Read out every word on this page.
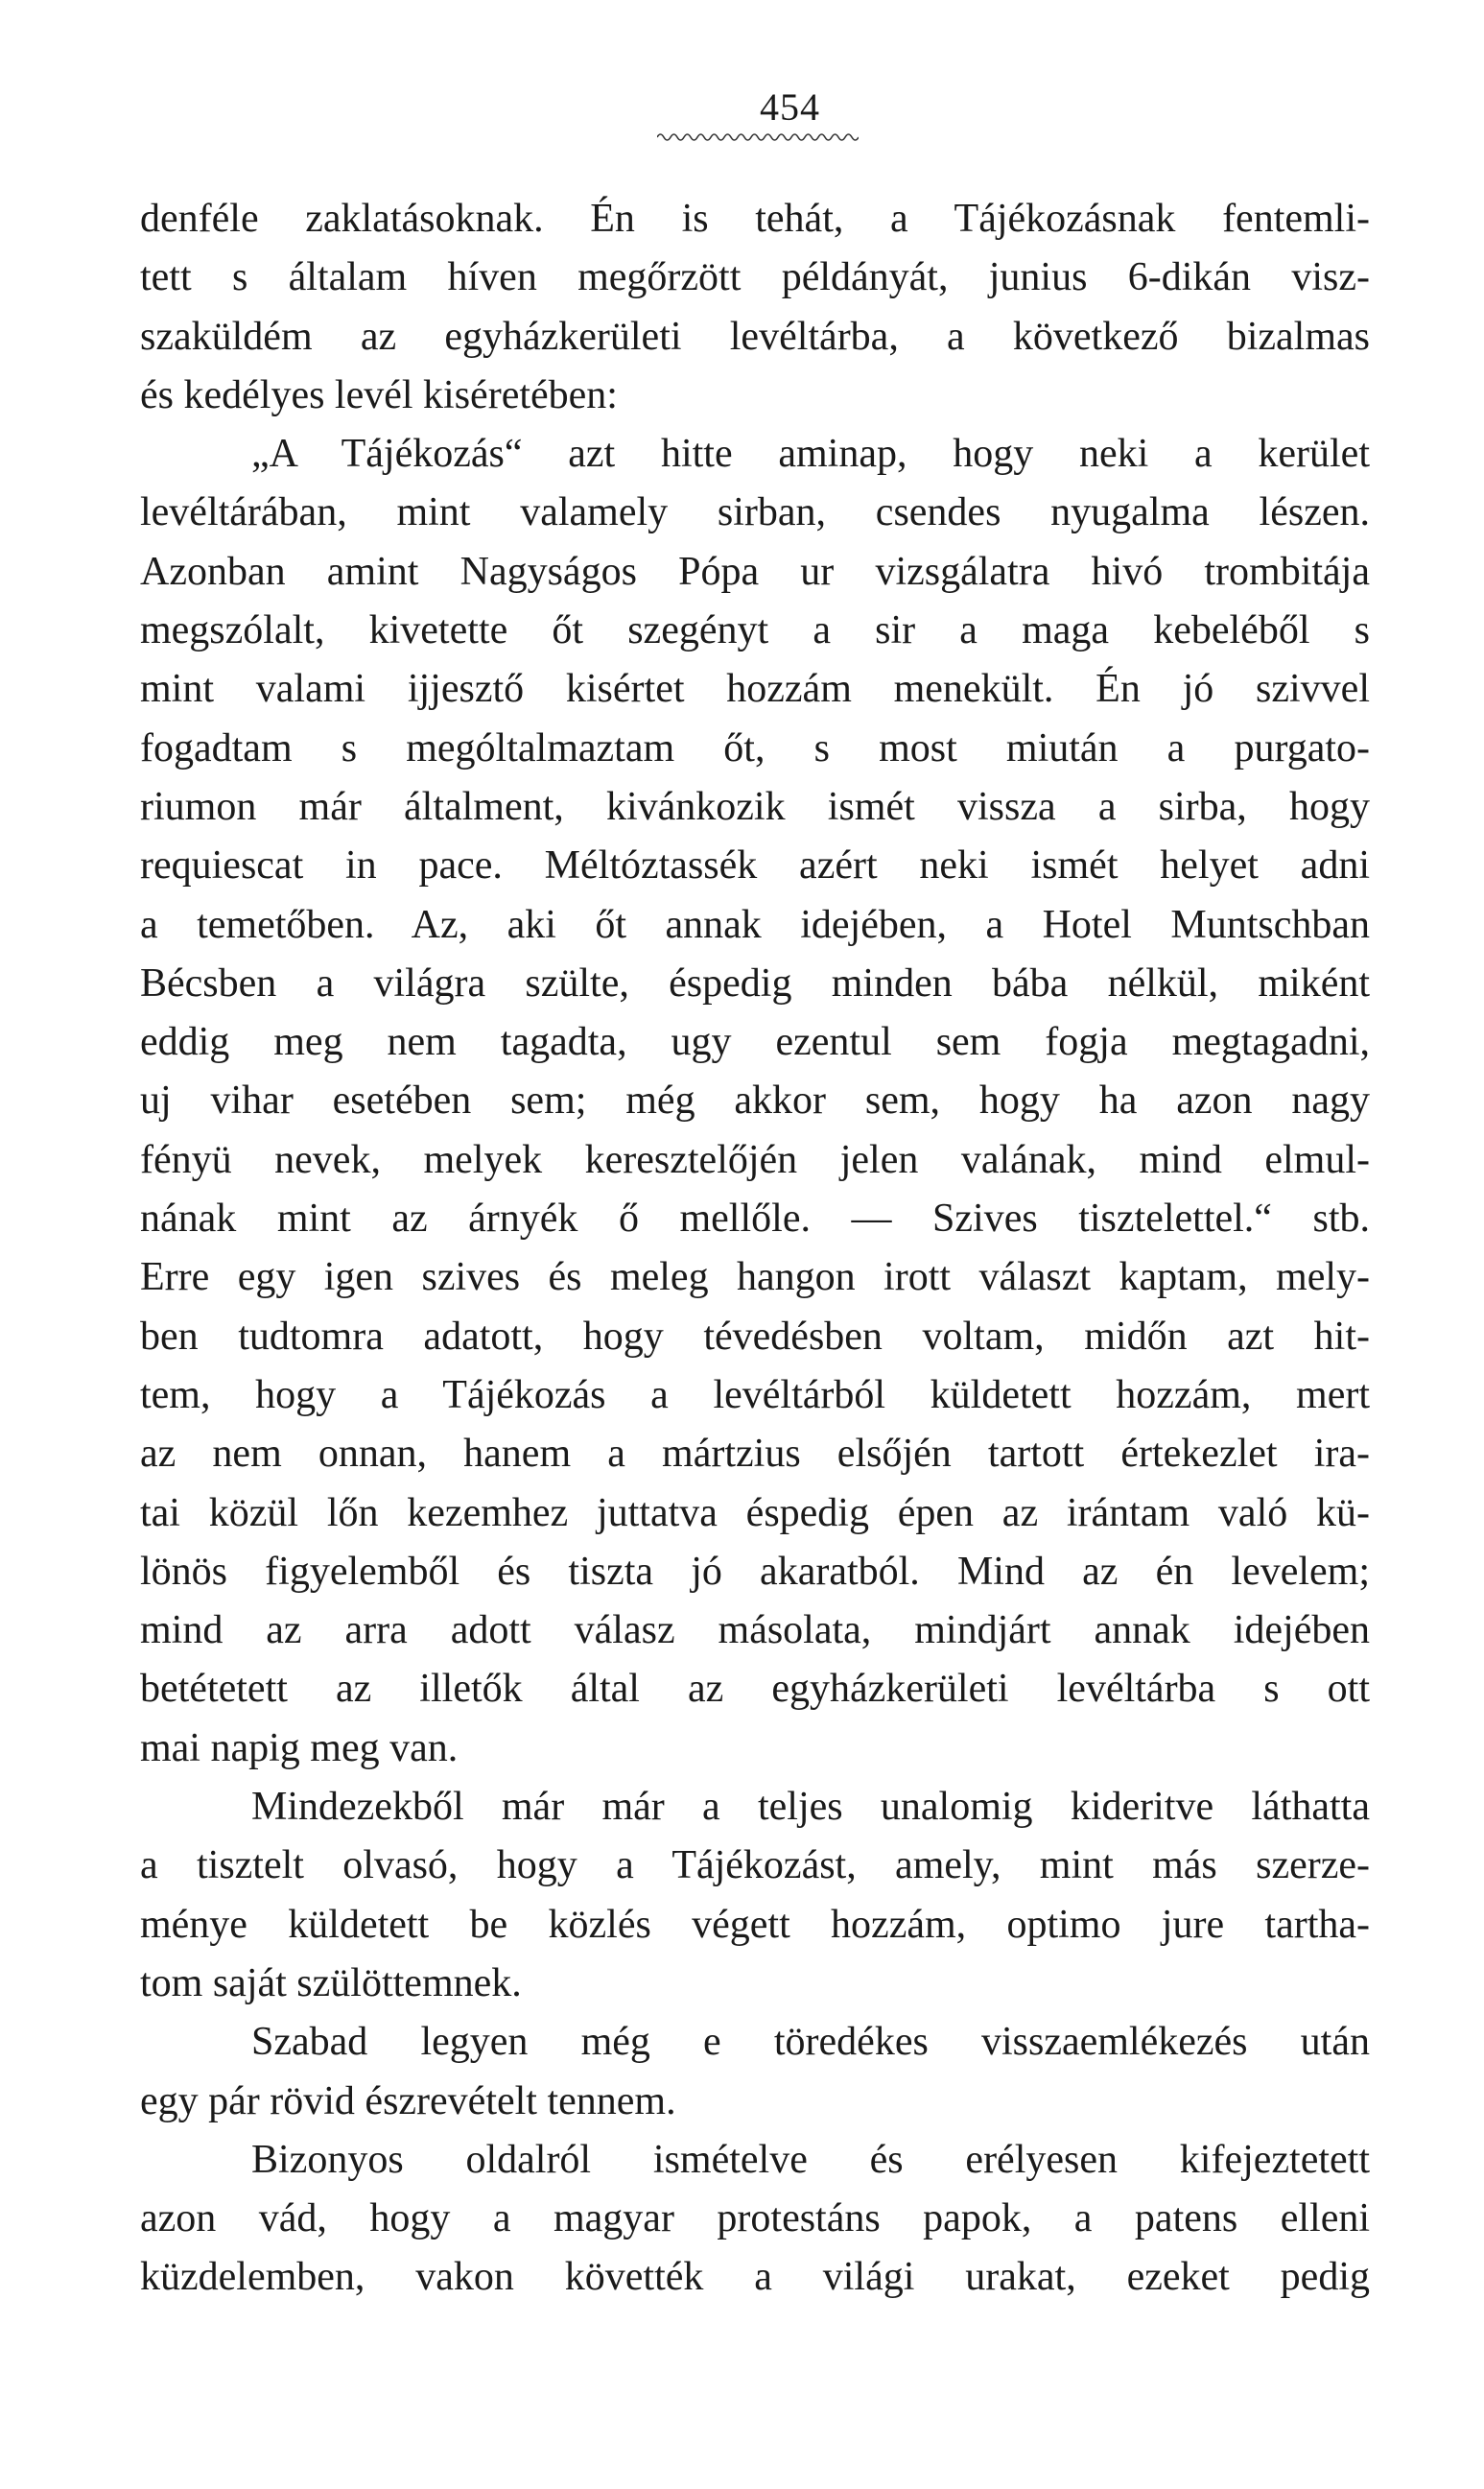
454
denféle zaklatásoknak. Én is tehát, a Tájékozásnak fentemli-
tett s általam híven megőrzött példányát, junius 6-dikán visz-
szaküldém az egyházkerületi levéltárba, a következő bizalmas
és kedélyes levél kiséretében:
„A Tájékozás“ azt hitte aminap, hogy neki a kerület
levéltárában, mint valamely sirban, csendes nyugalma lészen.
Azonban amint Nagyságos Pópa ur vizsgálatra hivó trombitája
megszólalt, kivetette őt szegényt a sir a maga kebeléből s
mint valami ijjesztő kisértet hozzám menekült. Én jó szivvel
fogadtam s mególtalmaztam őt, s most miután a purgato-
riumon már általment, kivánkozik ismét vissza a sirba, hogy
requiescat in pace. Méltóztassék azért neki ismét helyet adni
a temetőben. Az, aki őt annak idejében, a Hotel Muntschban
Bécsben a világra szülte, éspedig minden bába nélkül, miként
eddig meg nem tagadta, ugy ezentul sem fogja megtagadni,
uj vihar esetében sem; még akkor sem, hogy ha azon nagy
fényü nevek, melyek keresztelőjén jelen valának, mind elmul-
nának mint az árnyék ő mellőle. — Szives tisztelettel.“ stb.
Erre egy igen szives és meleg hangon irott választ kaptam, mely-
ben tudtomra adatott, hogy tévedésben voltam, midőn azt hit-
tem, hogy a Tájékozás a levéltárból küldetett hozzám, mert
az nem onnan, hanem a mártzius elsőjén tartott értekezlet ira-
tai közül lőn kezemhez juttatva éspedig épen az irántam való kü-
lönös figyelemből és tiszta jó akaratból. Mind az én levelem;
mind az arra adott válasz másolata, mindjárt annak idejében
betétetett az illetők által az egyházkerületi levéltárba s ott
mai napig meg van.
Mindezekből már már a teljes unalomig kideritve láthatta
a tisztelt olvasó, hogy a Tájékozást, amely, mint más szerze-
ménye küldetett be közlés végett hozzám, optimo jure tartha-
tom saját szülöttemnek.
Szabad legyen még e töredékes visszaemlékezés után
egy pár rövid észrevételt tennem.
Bizonyos oldalról ismételve és erélyesen kifejeztetett
azon vád, hogy a magyar protestáns papok, a patens elleni
küzdelemben, vakon követték a világi urakat, ezeket pedig
